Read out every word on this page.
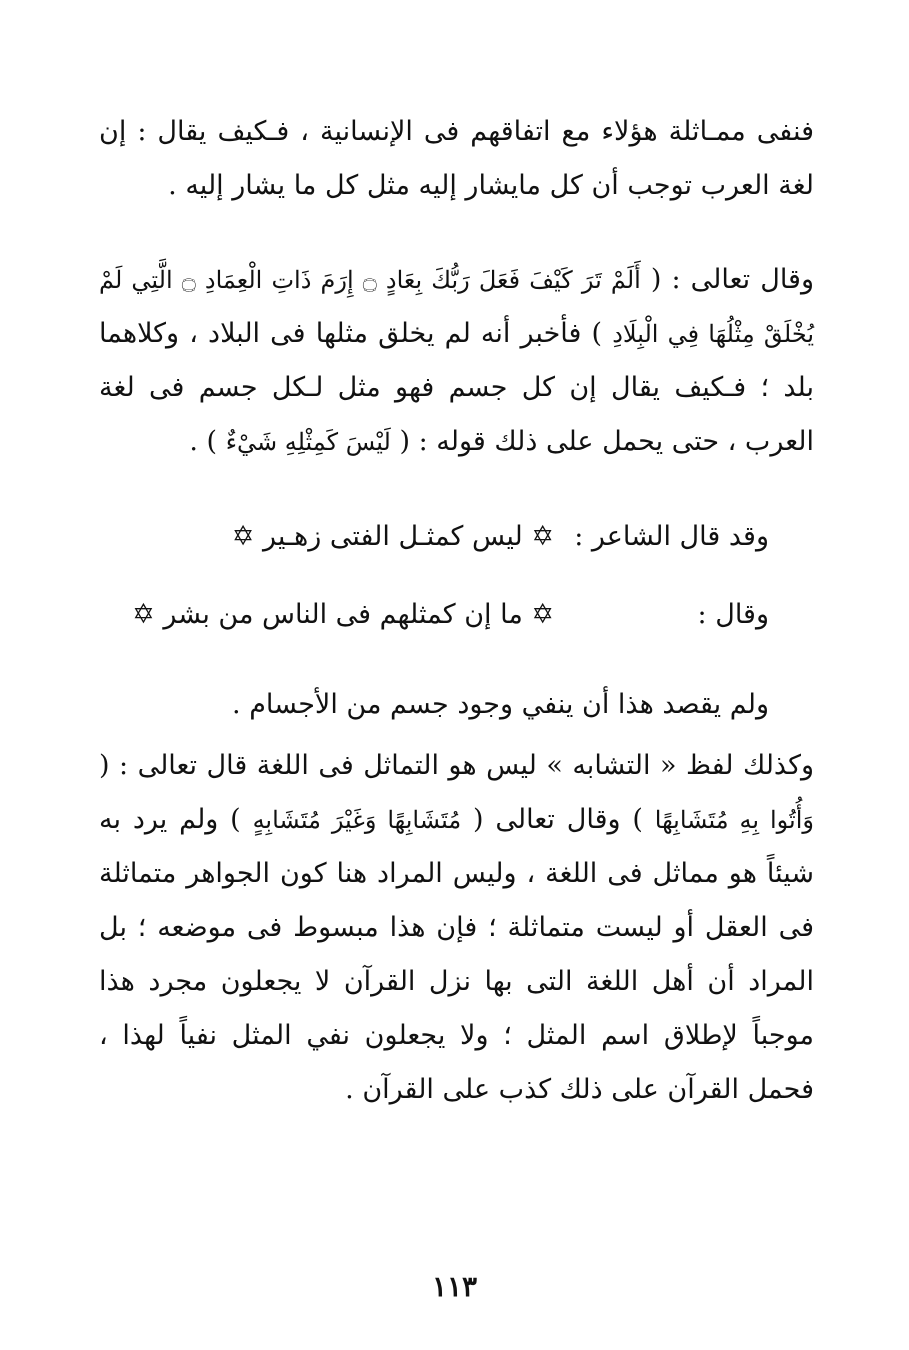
فنفى ممـاثلة هؤلاء مع اتفاقهم فى الإنسانية ، فـكيف يقال : إن لغة العرب توجب أن كل مايشار إليه مثل كل ما يشار إليه .

وقال تعالى : ( أَلَمْ تَرَ كَيْفَ فَعَلَ رَبُّكَ بِعَادٍ ۝ إِرَمَ ذَاتِ الْعِمَادِ ۝ الَّتِي لَمْ يُخْلَقْ مِثْلُهَا فِي الْبِلَادِ ) فأخبر أنه لم يخلق مثلها فى البلاد ، وكلاهما بلد ؛ فـكيف يقال إن كل جسم فهو مثل لـكل جسم فى لغة العرب ، حتى يحمل على ذلك قوله : ( لَيْسَ كَمِثْلِهِ شَيْءٌ ) .

وقد قال الشاعر :
✡ ليس كمثـل الفتى زهـير ✡
وقال :
✡ ما إن كمثلهم فى الناس من بشر ✡
ولم يقصد هذا أن ينفي وجود جسم من الأجسام .

وكذلك لفظ « التشابه » ليس هو التماثل فى اللغة قال تعالى : ( وَأُتُوا بِهِ مُتَشَابِهًا ) وقال تعالى ( مُتَشَابِهًا وَغَيْرَ مُتَشَابِهٍ ) ولم يرد به شيئاً هو مماثل فى اللغة ، وليس المراد هنا كون الجواهر متماثلة فى العقل أو ليست متماثلة ؛ فإن هذا مبسوط فى موضعه ؛ بل المراد أن أهل اللغة التى بها نزل القرآن لا يجعلون مجرد هذا موجباً لإطلاق اسم المثل ؛ ولا يجعلون نفي المثل نفياً لهذا ، فحمل القرآن على ذلك كذب على القرآن .

١١٣
